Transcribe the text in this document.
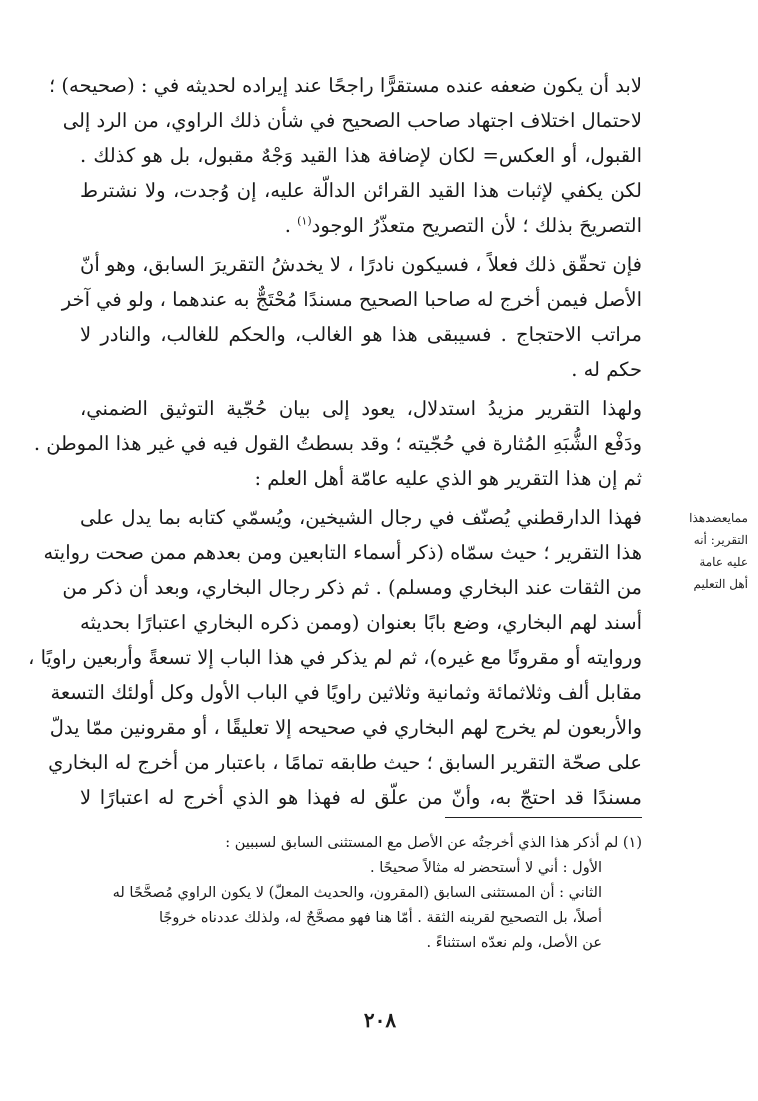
لابد أن يكون ضعفه عنده مستقرًّا راجحًا عند إيراده لحديثه في : (صحيحه) ؛
لاحتمال اختلاف اجتهاد صاحب الصحيح في شأن ذلك الراوي، من الرد إلى
القبول، أو العكس= لكان لإضافة هذا القيد وَجْهٌ مقبول، بل هو كذلك .
لكن يكفي لإثبات هذا القيد القرائن الدالّة عليه، إن وُجدت، ولا نشترط
التصريحَ بذلك ؛ لأن التصريح متعذّرُ الوجود$^{(١)}$ .

فإن تحقّق ذلك فعلاً ، فسيكون نادرًا ، لا يخدشُ التقريرَ السابق، وهو أنّ
الأصل فيمن أخرج له صاحبا الصحيح مسندًا مُحْتَجٌّ به عندهما ، ولو في آخر
مراتب الاحتجاج . فسيبقى هذا هو الغالب، والحكم للغالب، والنادر لا
حكم له .

ولهذا التقرير مزيدُ استدلال، يعود إلى بيان حُجّية التوثيق الضمني،
ودَفْع الشُّبَهِ المُثارة في حُجّيته ؛ وقد بسطتُ القول فيه في غير هذا الموطن .

ثم إن هذا التقرير هو الذي عليه عامّة أهل العلم :

فهذا الدارقطني يُصنّف في رجال الشيخين، ويُسمّي كتابه بما يدل على
هذا التقرير ؛ حيث سمّاه (ذكر أسماء التابعين ومن بعدهم ممن صحت روايته
من الثقات عند البخاري ومسلم) . ثم ذكر رجال البخاري، وبعد أن ذكر من
أسند لهم البخاري، وضع بابًا بعنوان (وممن ذكره البخاري اعتبارًا بحديثه
وروايته أو مقرونًا مع غيره)، ثم لم يذكر في هذا الباب إلا تسعةً وأربعين راويًا ،
مقابل ألف وثلاثمائة وثمانية وثلاثين راويًا في الباب الأول وكل أولئك التسعة
والأربعون لم يخرج لهم البخاري في صحيحه إلا تعليقًا ، أو مقرونين ممّا يدلّ
على صحّة التقرير السابق ؛ حيث طابقه تمامًا ، باعتبار من أخرج له البخاري
مسندًا قد احتجّ به، وأنّ من علّق له فهذا هو الذي أخرج له اعتبارًا لا

ممايعضدهذا
التقرير: أنه
عليه عامة
أهل التعليم
(١) لم أذكر هذا الذي أخرجتُه عن الأصل مع المستثنى السابق لسببين :
الأول : أني لا أستحضر له مثالاً صحيحًا .
الثاني : أن المستثنى السابق (المقرون، والحديث المعلّ) لا يكون الراوي مُصحَّحًا له
أصلاً، بل التصحيح لقرينه الثقة . أمّا هنا فهو مصحَّحٌ له، ولذلك عددناه خروجًا
عن الأصل، ولم نعدّه استثناءً .
٢٠٨
